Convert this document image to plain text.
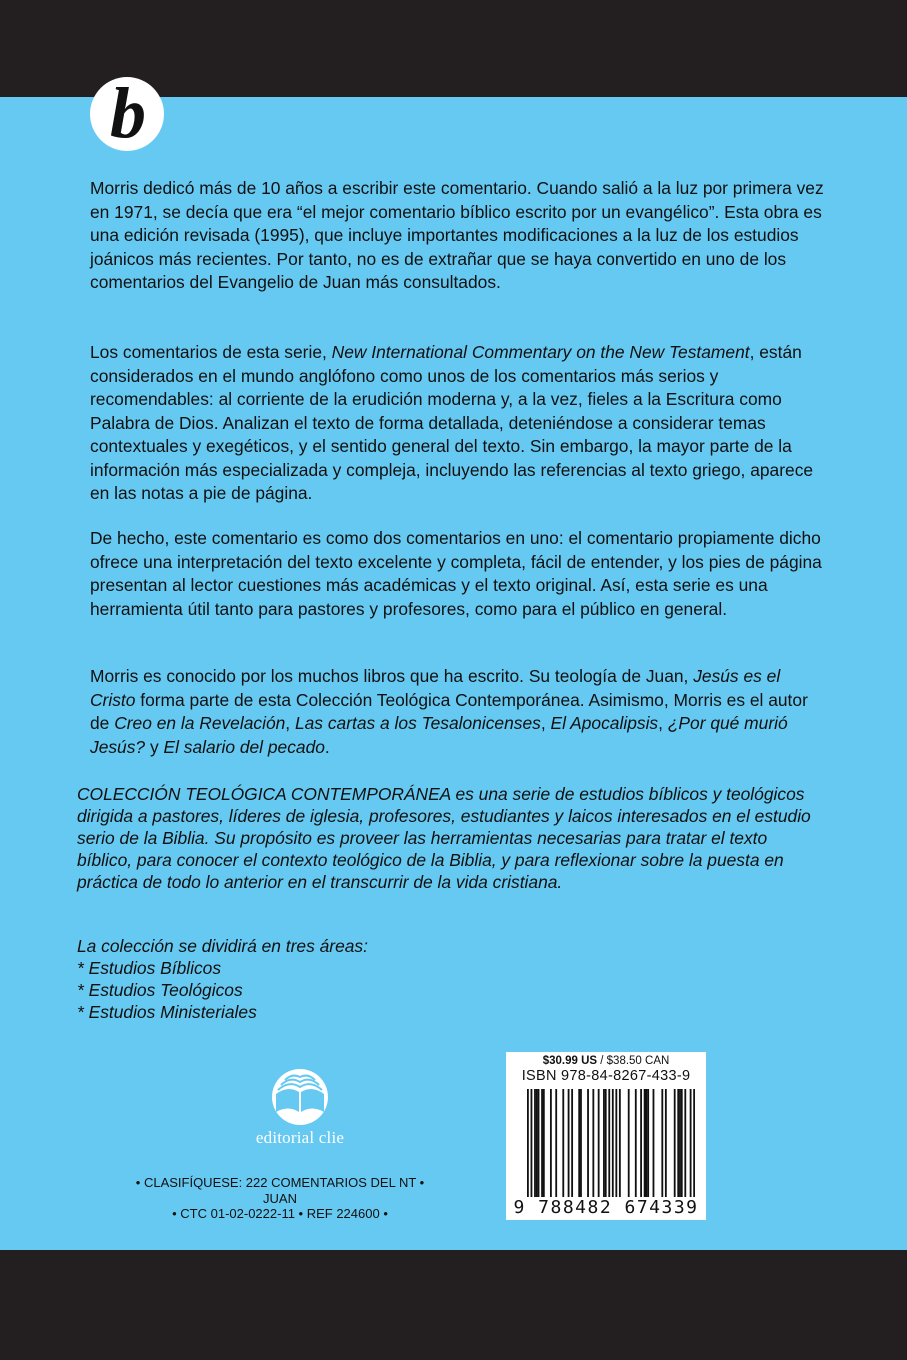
b

Morris dedicó más de 10 años a escribir este comentario. Cuando salió a la luz por primera vez en 1971, se decía que era “el mejor comentario bíblico escrito por un evangélico”. Esta obra es una edición revisada (1995), que incluye importantes modificaciones a la luz de los estudios joánicos más recientes. Por tanto, no es de extrañar que se haya convertido en uno de los comentarios del Evangelio de Juan más consultados.

Los comentarios de esta serie, New International Commentary on the New Testament, están considerados en el mundo anglófono como unos de los comentarios más serios y recomendables: al corriente de la erudición moderna y, a la vez, fieles a la Escritura como Palabra de Dios. Analizan el texto de forma detallada, deteniéndose a considerar temas contextuales y exegéticos, y el sentido general del texto. Sin embargo, la mayor parte de la información más especializada y compleja, incluyendo las referencias al texto griego, aparece en las notas a pie de página.

De hecho, este comentario es como dos comentarios en uno: el comentario propiamente dicho ofrece una interpretación del texto excelente y completa, fácil de entender, y los pies de página presentan al lector cuestiones más académicas y el texto original. Así, esta serie es una herramienta útil tanto para pastores y profesores, como para el público en general.

Morris es conocido por los muchos libros que ha escrito. Su teología de Juan, Jesús es el Cristo forma parte de esta Colección Teológica Contemporánea. Asimismo, Morris es el autor de Creo en la Revelación, Las cartas a los Tesalonicenses, El Apocalipsis, ¿Por qué murió Jesús? y El salario del pecado.

COLECCIÓN TEOLÓGICA CONTEMPORÁNEA es una serie de estudios bíblicos y teológicos dirigida a pastores, líderes de iglesia, profesores, estudiantes y laicos interesados en el estudio serio de la Biblia. Su propósito es proveer las herramientas necesarias para tratar el texto bíblico, para conocer el contexto teológico de la Biblia, y para reflexionar sobre la puesta en práctica de todo lo anterior en el transcurrir de la vida cristiana.

La colección se dividirá en tres áreas:
* Estudios Bíblicos
* Estudios Teológicos
* Estudios Ministeriales
editorial clie
• CLASIFÍQUESE: 222 COMENTARIOS DEL NT •
JUAN
• CTC 01-02-0222-11 • REF 224600 •
$30.99 US / $38.50 CAN
ISBN 978-84-8267-433-9
9 788482 674339
